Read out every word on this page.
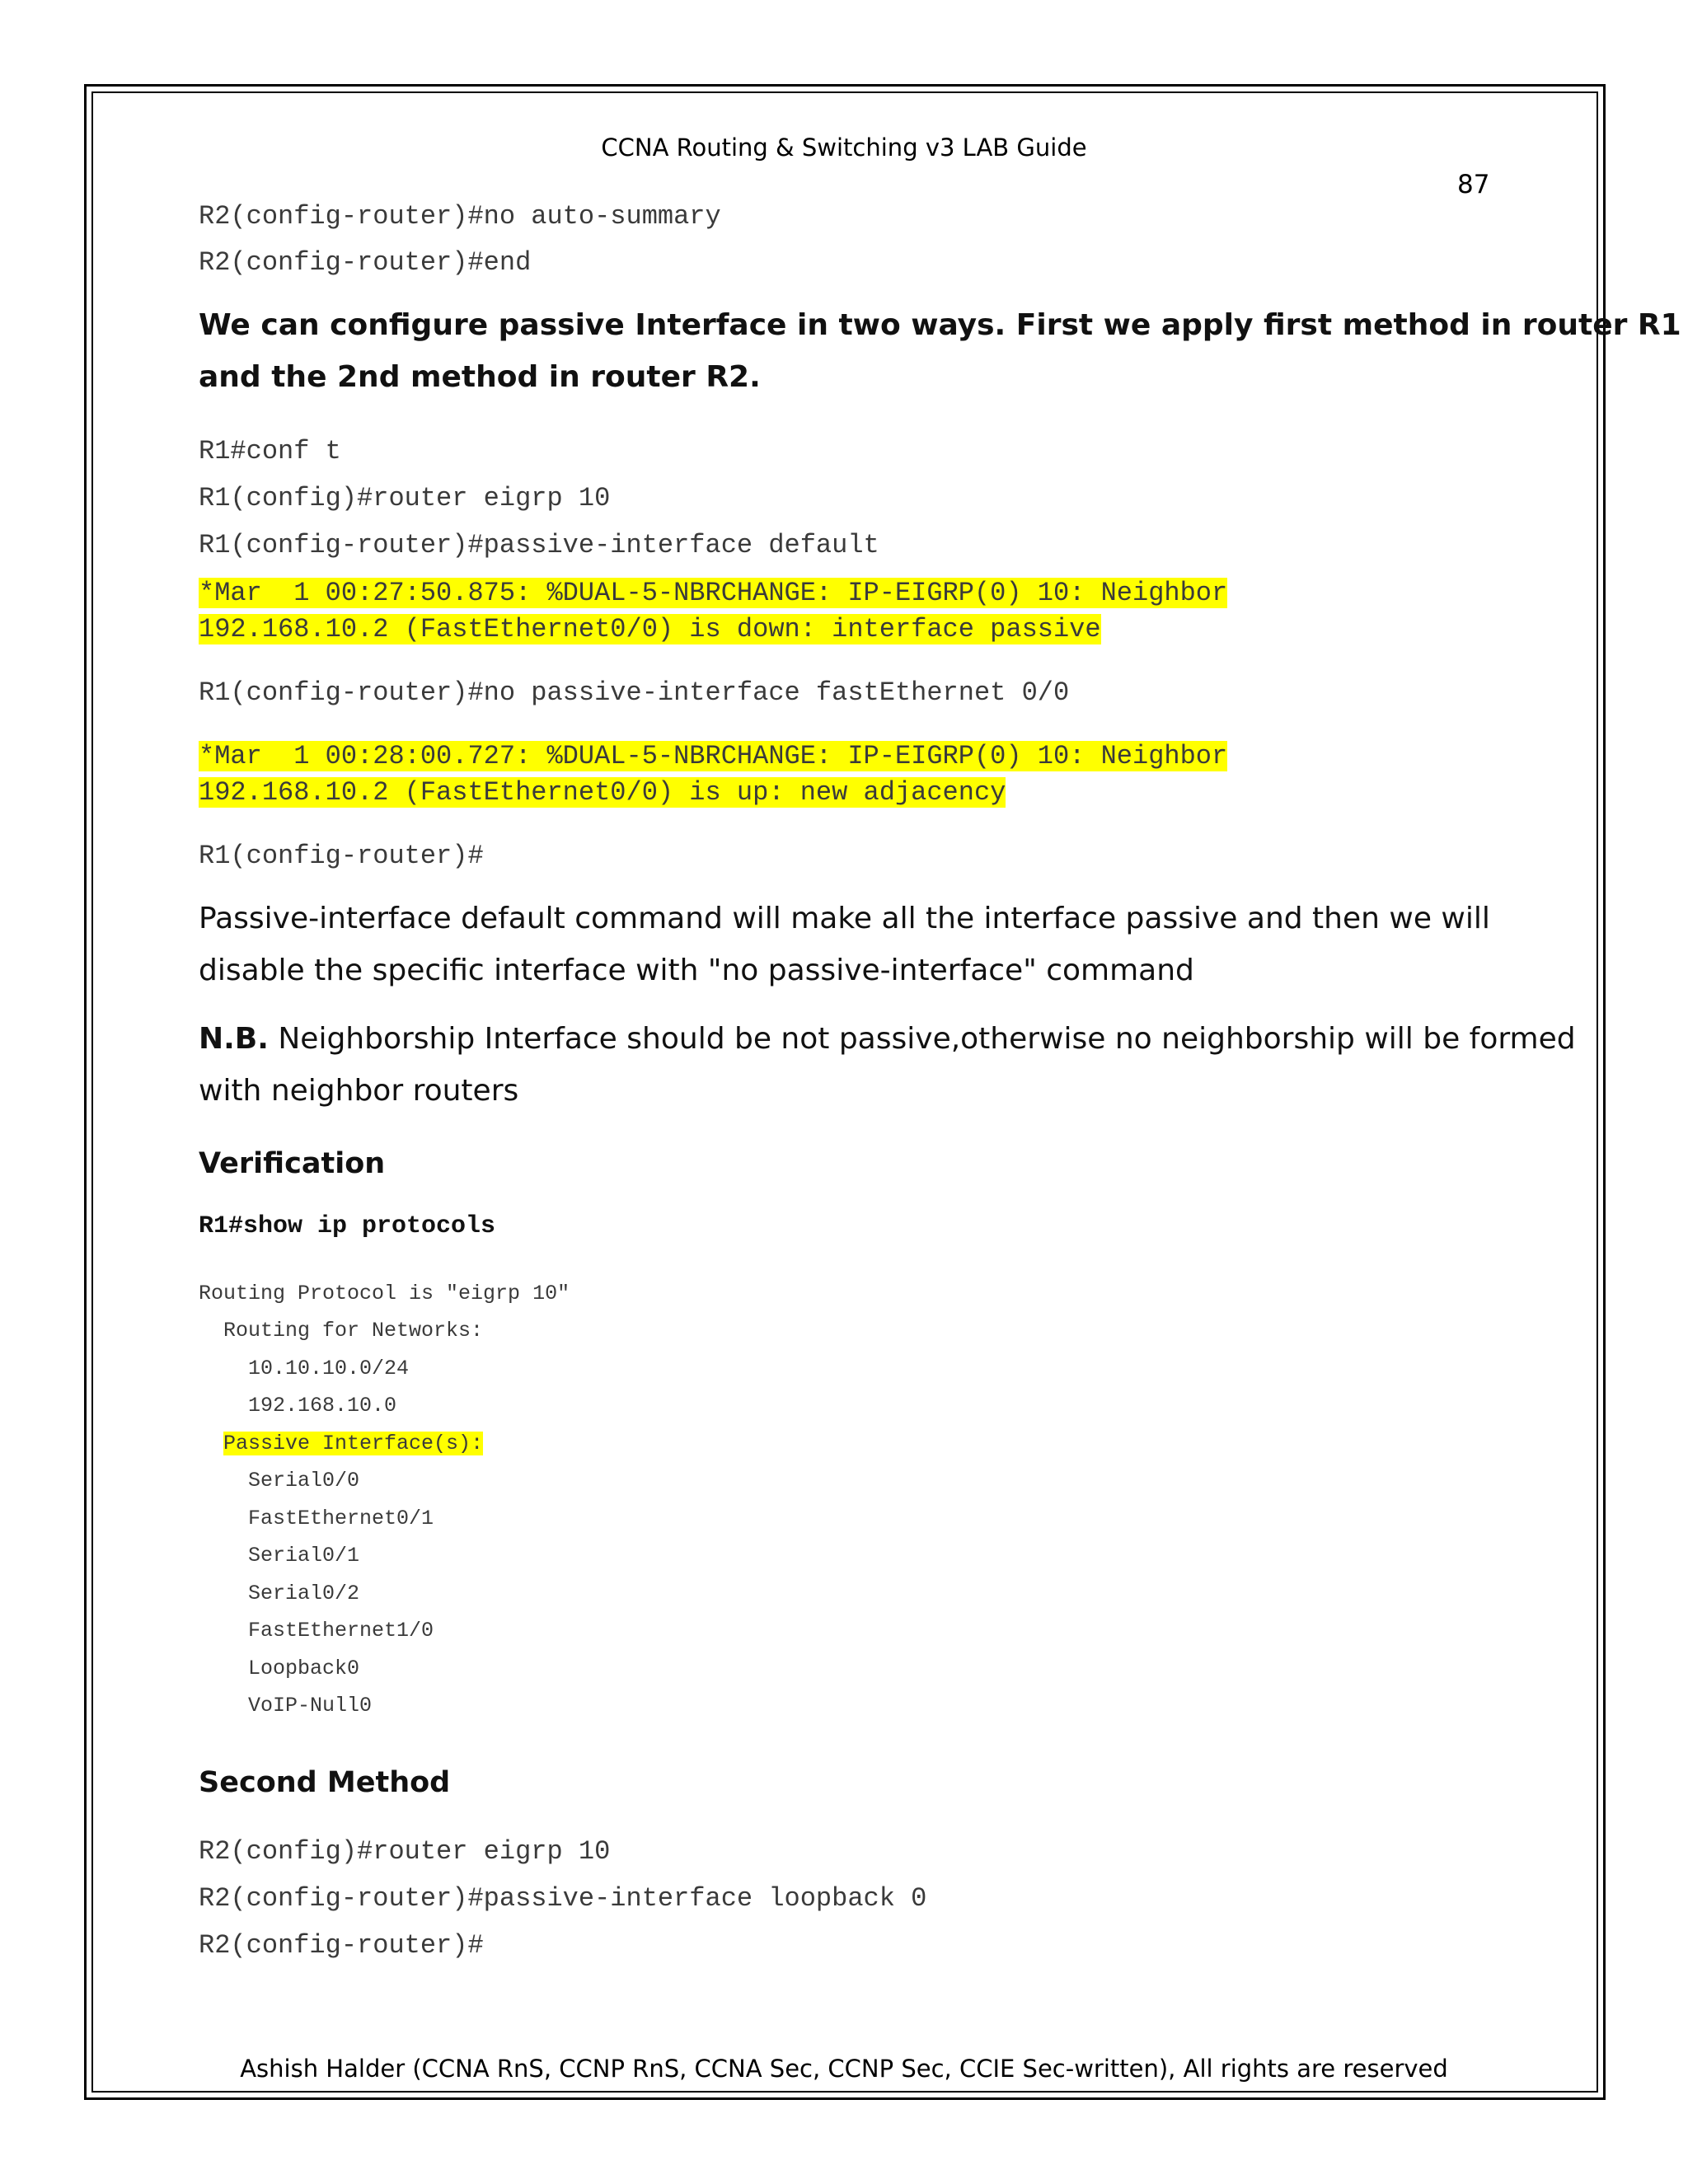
CCNA Routing & Switching v3 LAB Guide
87
R2(config-router)#no auto-summary
R2(config-router)#end
We can configure passive Interface in two ways. First we apply first method in router R1
and the 2nd method in router R2.
R1#conf t
R1(config)#router eigrp 10
R1(config-router)#passive-interface default
*Mar  1 00:27:50.875: %DUAL-5-NBRCHANGE: IP-EIGRP(0) 10: Neighbor
192.168.10.2 (FastEthernet0/0) is down: interface passive
R1(config-router)#no passive-interface fastEthernet 0/0
*Mar  1 00:28:00.727: %DUAL-5-NBRCHANGE: IP-EIGRP(0) 10: Neighbor
192.168.10.2 (FastEthernet0/0) is up: new adjacency
R1(config-router)#
Passive-interface default command will make all the interface passive and then we will
disable the specific interface with "no passive-interface" command
N.B. Neighborship Interface should be not passive,otherwise no neighborship will be formed
with neighbor routers
Verification
R1#show ip protocols
Routing Protocol is "eigrp 10"
Routing for Networks:
10.10.10.0/24
192.168.10.0
Passive Interface(s):
Serial0/0
FastEthernet0/1
Serial0/1
Serial0/2
FastEthernet1/0
Loopback0
VoIP-Null0
Second Method
R2(config)#router eigrp 10
R2(config-router)#passive-interface loopback 0
R2(config-router)#
Ashish Halder (CCNA RnS, CCNP RnS, CCNA Sec, CCNP Sec, CCIE Sec-written), All rights are reserved
